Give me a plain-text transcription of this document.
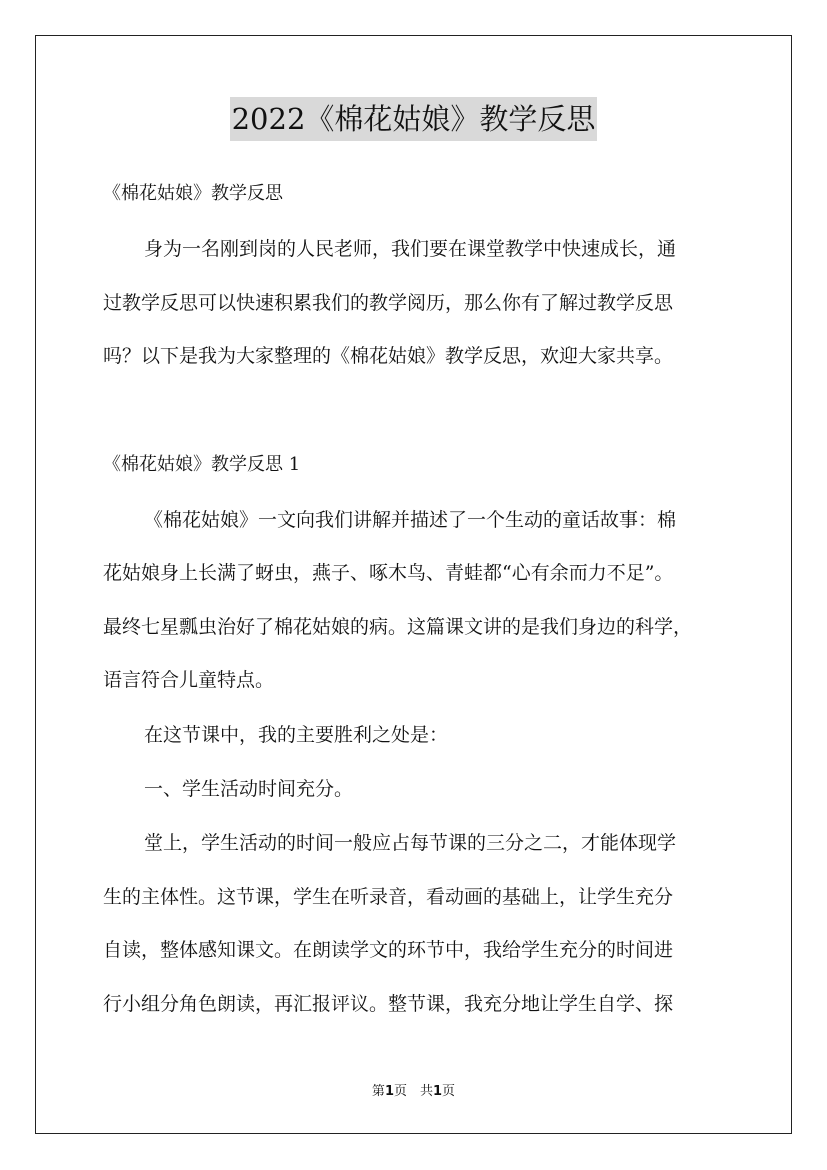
2022《棉花姑娘》教学反思
《棉花姑娘》教学反思
身为一名刚到岗的人民老师，我们要在课堂教学中快速成长，通
过教学反思可以快速积累我们的教学阅历，那么你有了解过教学反思
吗？以下是我为大家整理的《棉花姑娘》教学反思，欢迎大家共享。
《棉花姑娘》教学反思 1
《棉花姑娘》一文向我们讲解并描述了一个生动的童话故事：棉
花姑娘身上长满了蚜虫，燕子、啄木鸟、青蛙都“心有余而力不足”。
最终七星瓢虫治好了棉花姑娘的病。这篇课文讲的是我们身边的科学，
语言符合儿童特点。
在这节课中，我的主要胜利之处是：
一、学生活动时间充分。
堂上，学生活动的时间一般应占每节课的三分之二，才能体现学
生的主体性。这节课，学生在听录音，看动画的基础上，让学生充分
自读，整体感知课文。在朗读学文的环节中，我给学生充分的时间进
行小组分角色朗读，再汇报评议。整节课，我充分地让学生自学、探
第1页　共1页
